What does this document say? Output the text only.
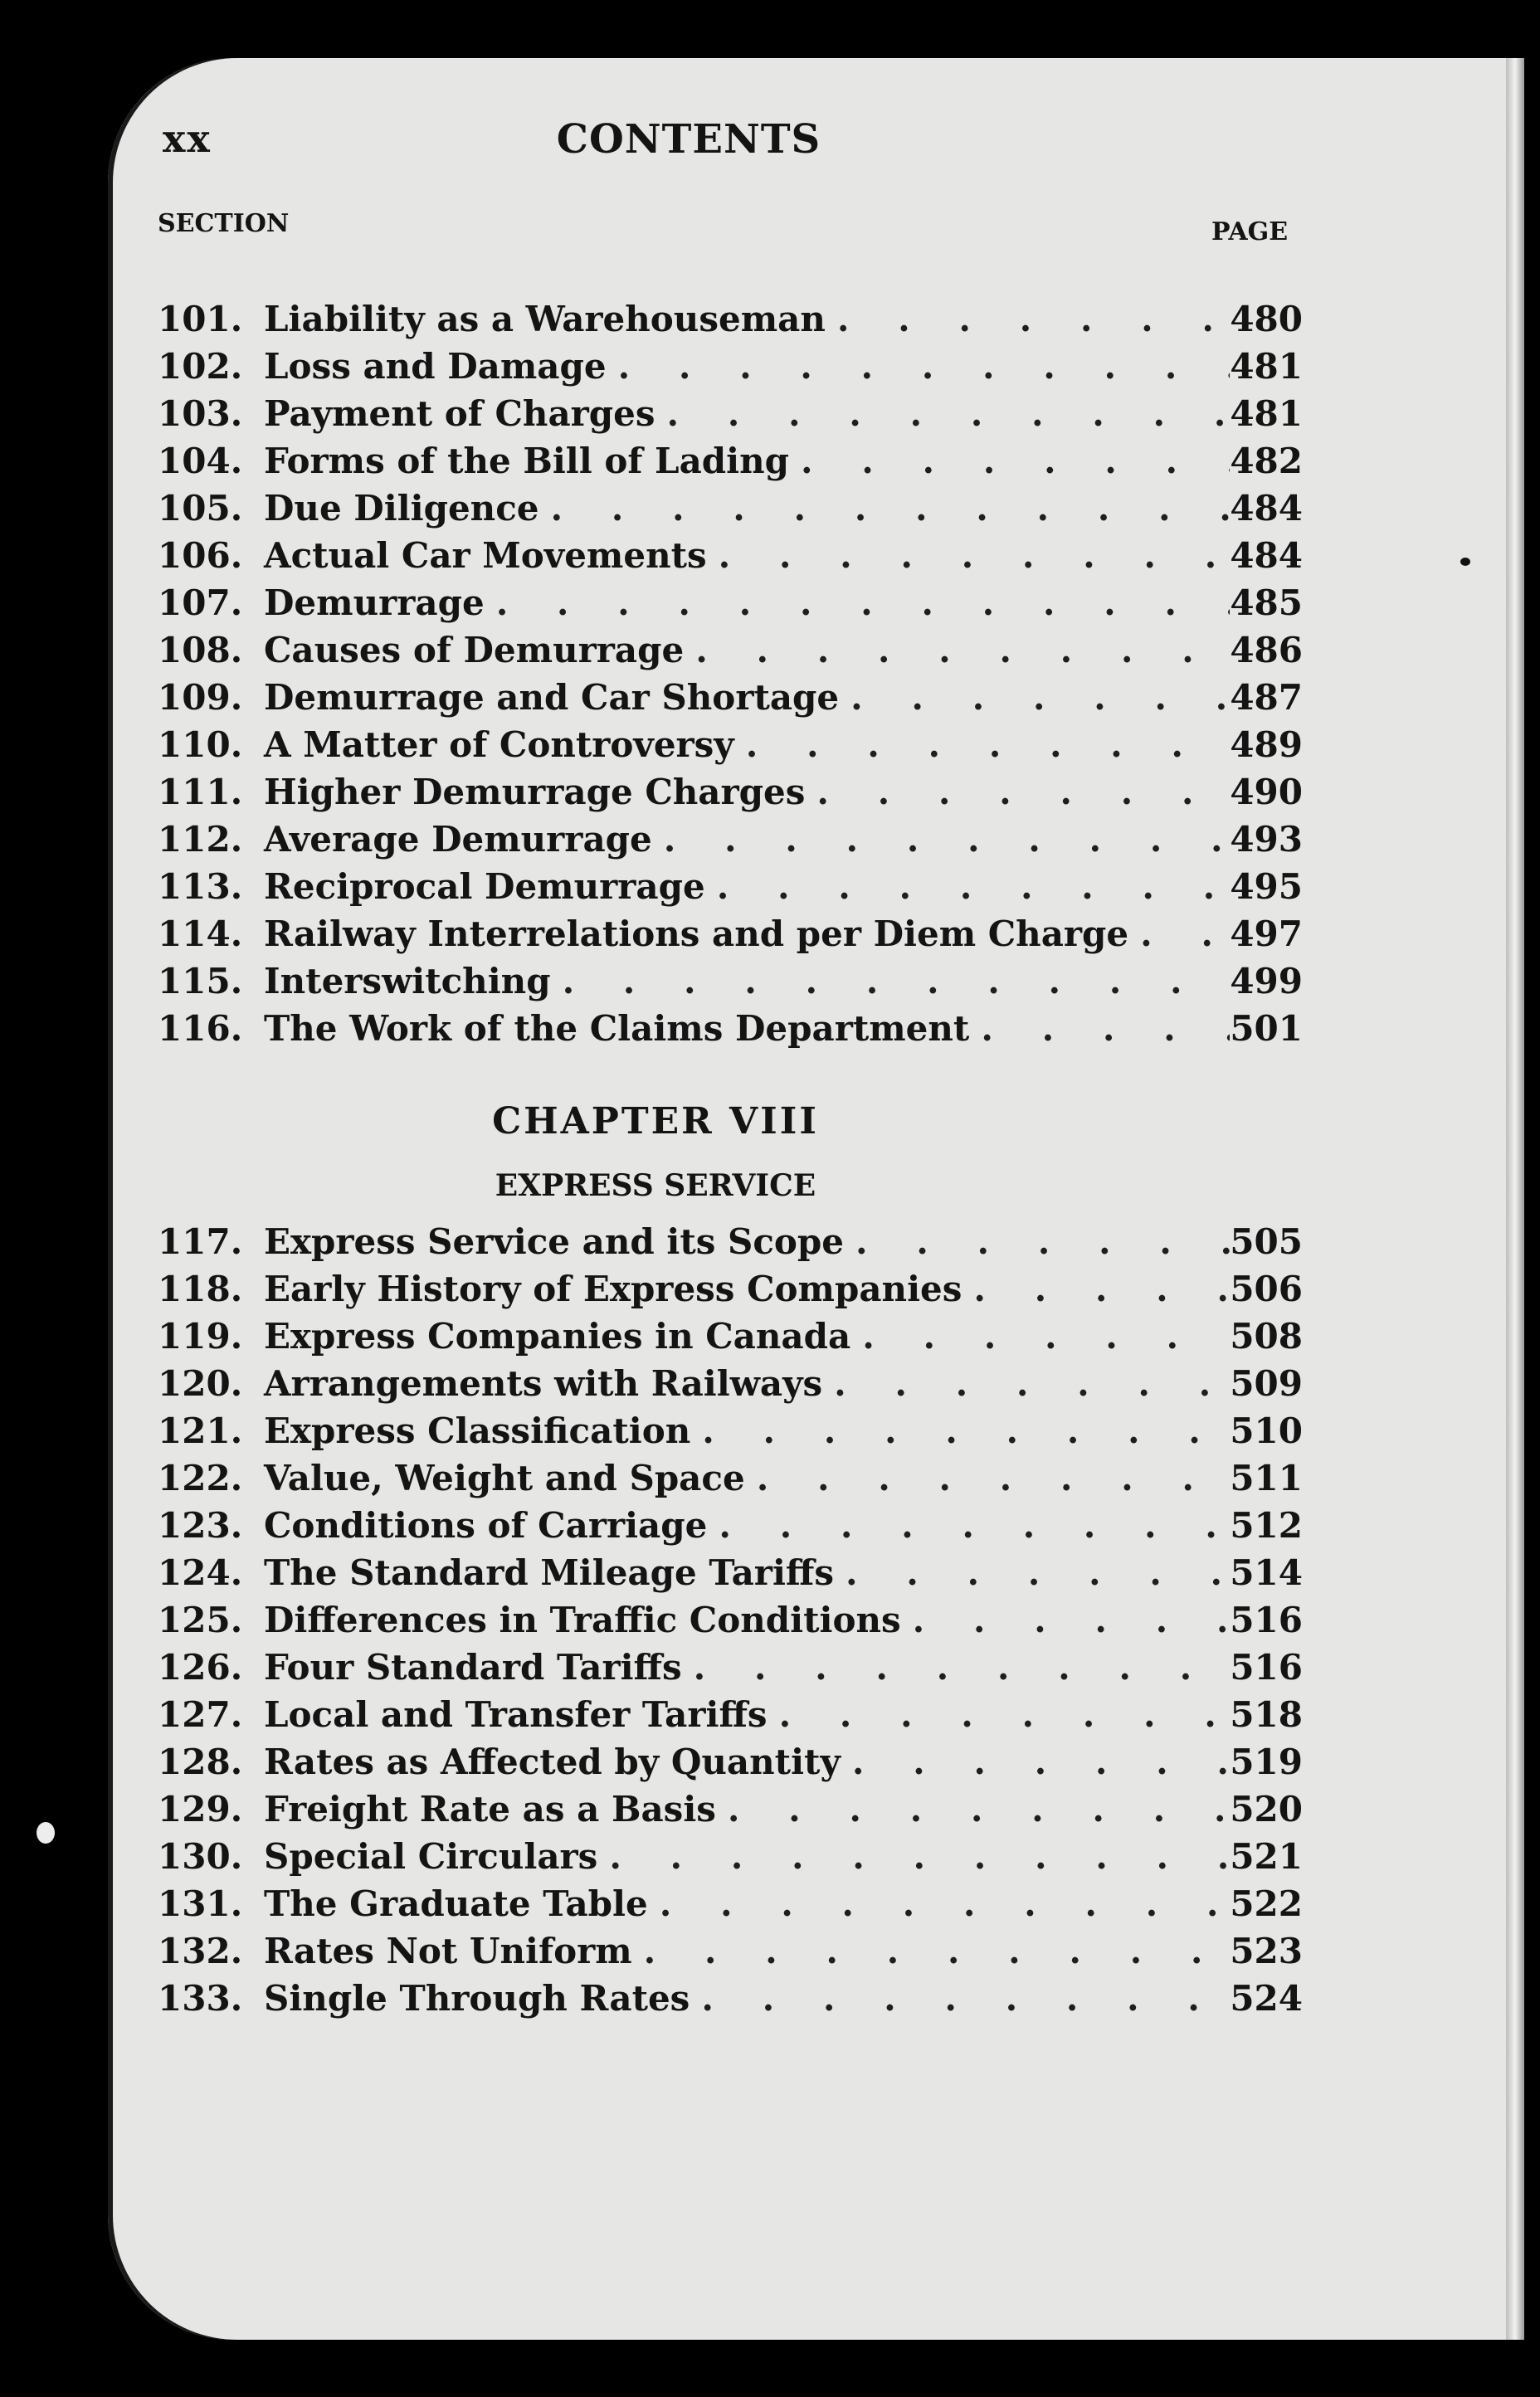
xx	CONTENTS
SECTION	PAGE
101. Liability as a Warehouseman . . .	480
102. Loss and Damage . . .	481
103. Payment of Charges . . .	481
104. Forms of the Bill of Lading . . .	482
105. Due Diligence . . .	484
106. Actual Car Movements . . .	484
107. Demurrage . . .	485
108. Causes of Demurrage . . .	486
109. Demurrage and Car Shortage . . .	487
110. A Matter of Controversy . . .	489
111. Higher Demurrage Charges . . .	490
112. Average Demurrage . . .	493
113. Reciprocal Demurrage . . .	495
114. Railway Interrelations and per Diem Charge . . .	497
115. Interswitching . . .	499
116. The Work of the Claims Department . . .	501
CHAPTER VIII
EXPRESS SERVICE
117. Express Service and its Scope . . .	505
118. Early History of Express Companies . . .	506
119. Express Companies in Canada . . .	508
120. Arrangements with Railways . . .	509
121. Express Classification . . .	510
122. Value, Weight and Space . . .	511
123. Conditions of Carriage . . .	512
124. The Standard Mileage Tariffs . . .	514
125. Differences in Traffic Conditions . . .	516
126. Four Standard Tariffs . . .	516
127. Local and Transfer Tariffs . . .	518
128. Rates as Affected by Quantity . . .	519
129. Freight Rate as a Basis . . .	520
130. Special Circulars . . .	521
131. The Graduate Table . . .	522
132. Rates Not Uniform . . .	523
133. Single Through Rates . . .	524
